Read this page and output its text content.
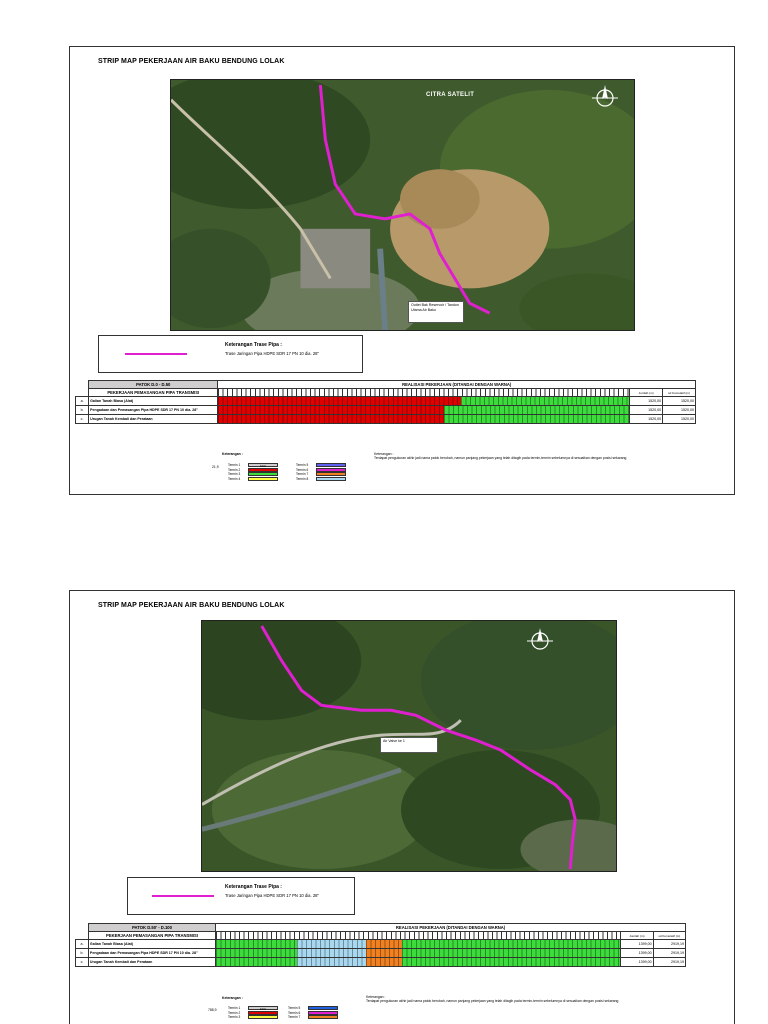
STRIP MAP PEKERJAAN AIR BAKU BENDUNG LOLAK
CITRA SATELIT
Outlet Bak Reservoir / Tandon Utama Air Baku
Keterangan Trase Pipa :
Trase Jaringan Pipa HDPE SDR 17 PN 10 dia. 28"
	PATOK D.0 - D.50	REALISASI PEKERJAAN (DITANDAI DENGAN WARNA)		
	PEKERJAAN PEMASANGAN PIPA TRANSMISI		Jumlah (m)	sd Kumulatif (m)
a.	Galian Tanah Biasa (Alat)		1520,00	1520,00
b.	Pengadaan dan Pemasangan Pipa HDPE SDR 17 PN 10 dia. 28"		1520,00	1520,00
c.	Urugan Tanah Kembali dan Perataan		1520,00	1520,00
Keterangan :
21,9	Termin 1	Mc0
Termin 2
Termin 3
Termin 4
Termin 5
Termin 6
Termin 7
Termin 8
Keterangan :
Terdapat pengukuran akhir jadi nama patok berubah, namun panjang pekerjaan yang telah ditagih pada termin-termin sebelumnya di sesuaikan dengan posisi sekarang
STRIP MAP PEKERJAAN AIR BAKU BENDUNG LOLAK	CITRA SATELIT
Air Valve ke 1
Keterangan Trase Pipa :
Trase Jaringan Pipa HDPE SDR 17 PN 10 dia. 28"
	PATOK D.50' - D.100	REALISASI PEKERJAAN (DITANDAI DENGAN WARNA)		
	PEKERJAAN PEMASANGAN PIPA TRANSMISI		Jumlah (m)	sd Kumulatif (m)
a.	Galian Tanah Biasa (Alat)		1399,00	2919,19
b.	Pengadaan dan Pemasangan Pipa HDPE SDR 17 PN 10 dia. 28"		1399,00	2919,19
c.	Urugan Tanah Kembali dan Perataan		1399,00	2919,19
Keterangan :
788,9	Termin 1	Mc0
Termin 2
Termin 3
Termin 5
Termin 6
Termin 7
Keterangan :
Terdapat pengukuran akhir jadi nama patok berubah, namun panjang pekerjaan yang telah ditagih pada termin-termin sebelumnya di sesuaikan dengan posisi sekarang
